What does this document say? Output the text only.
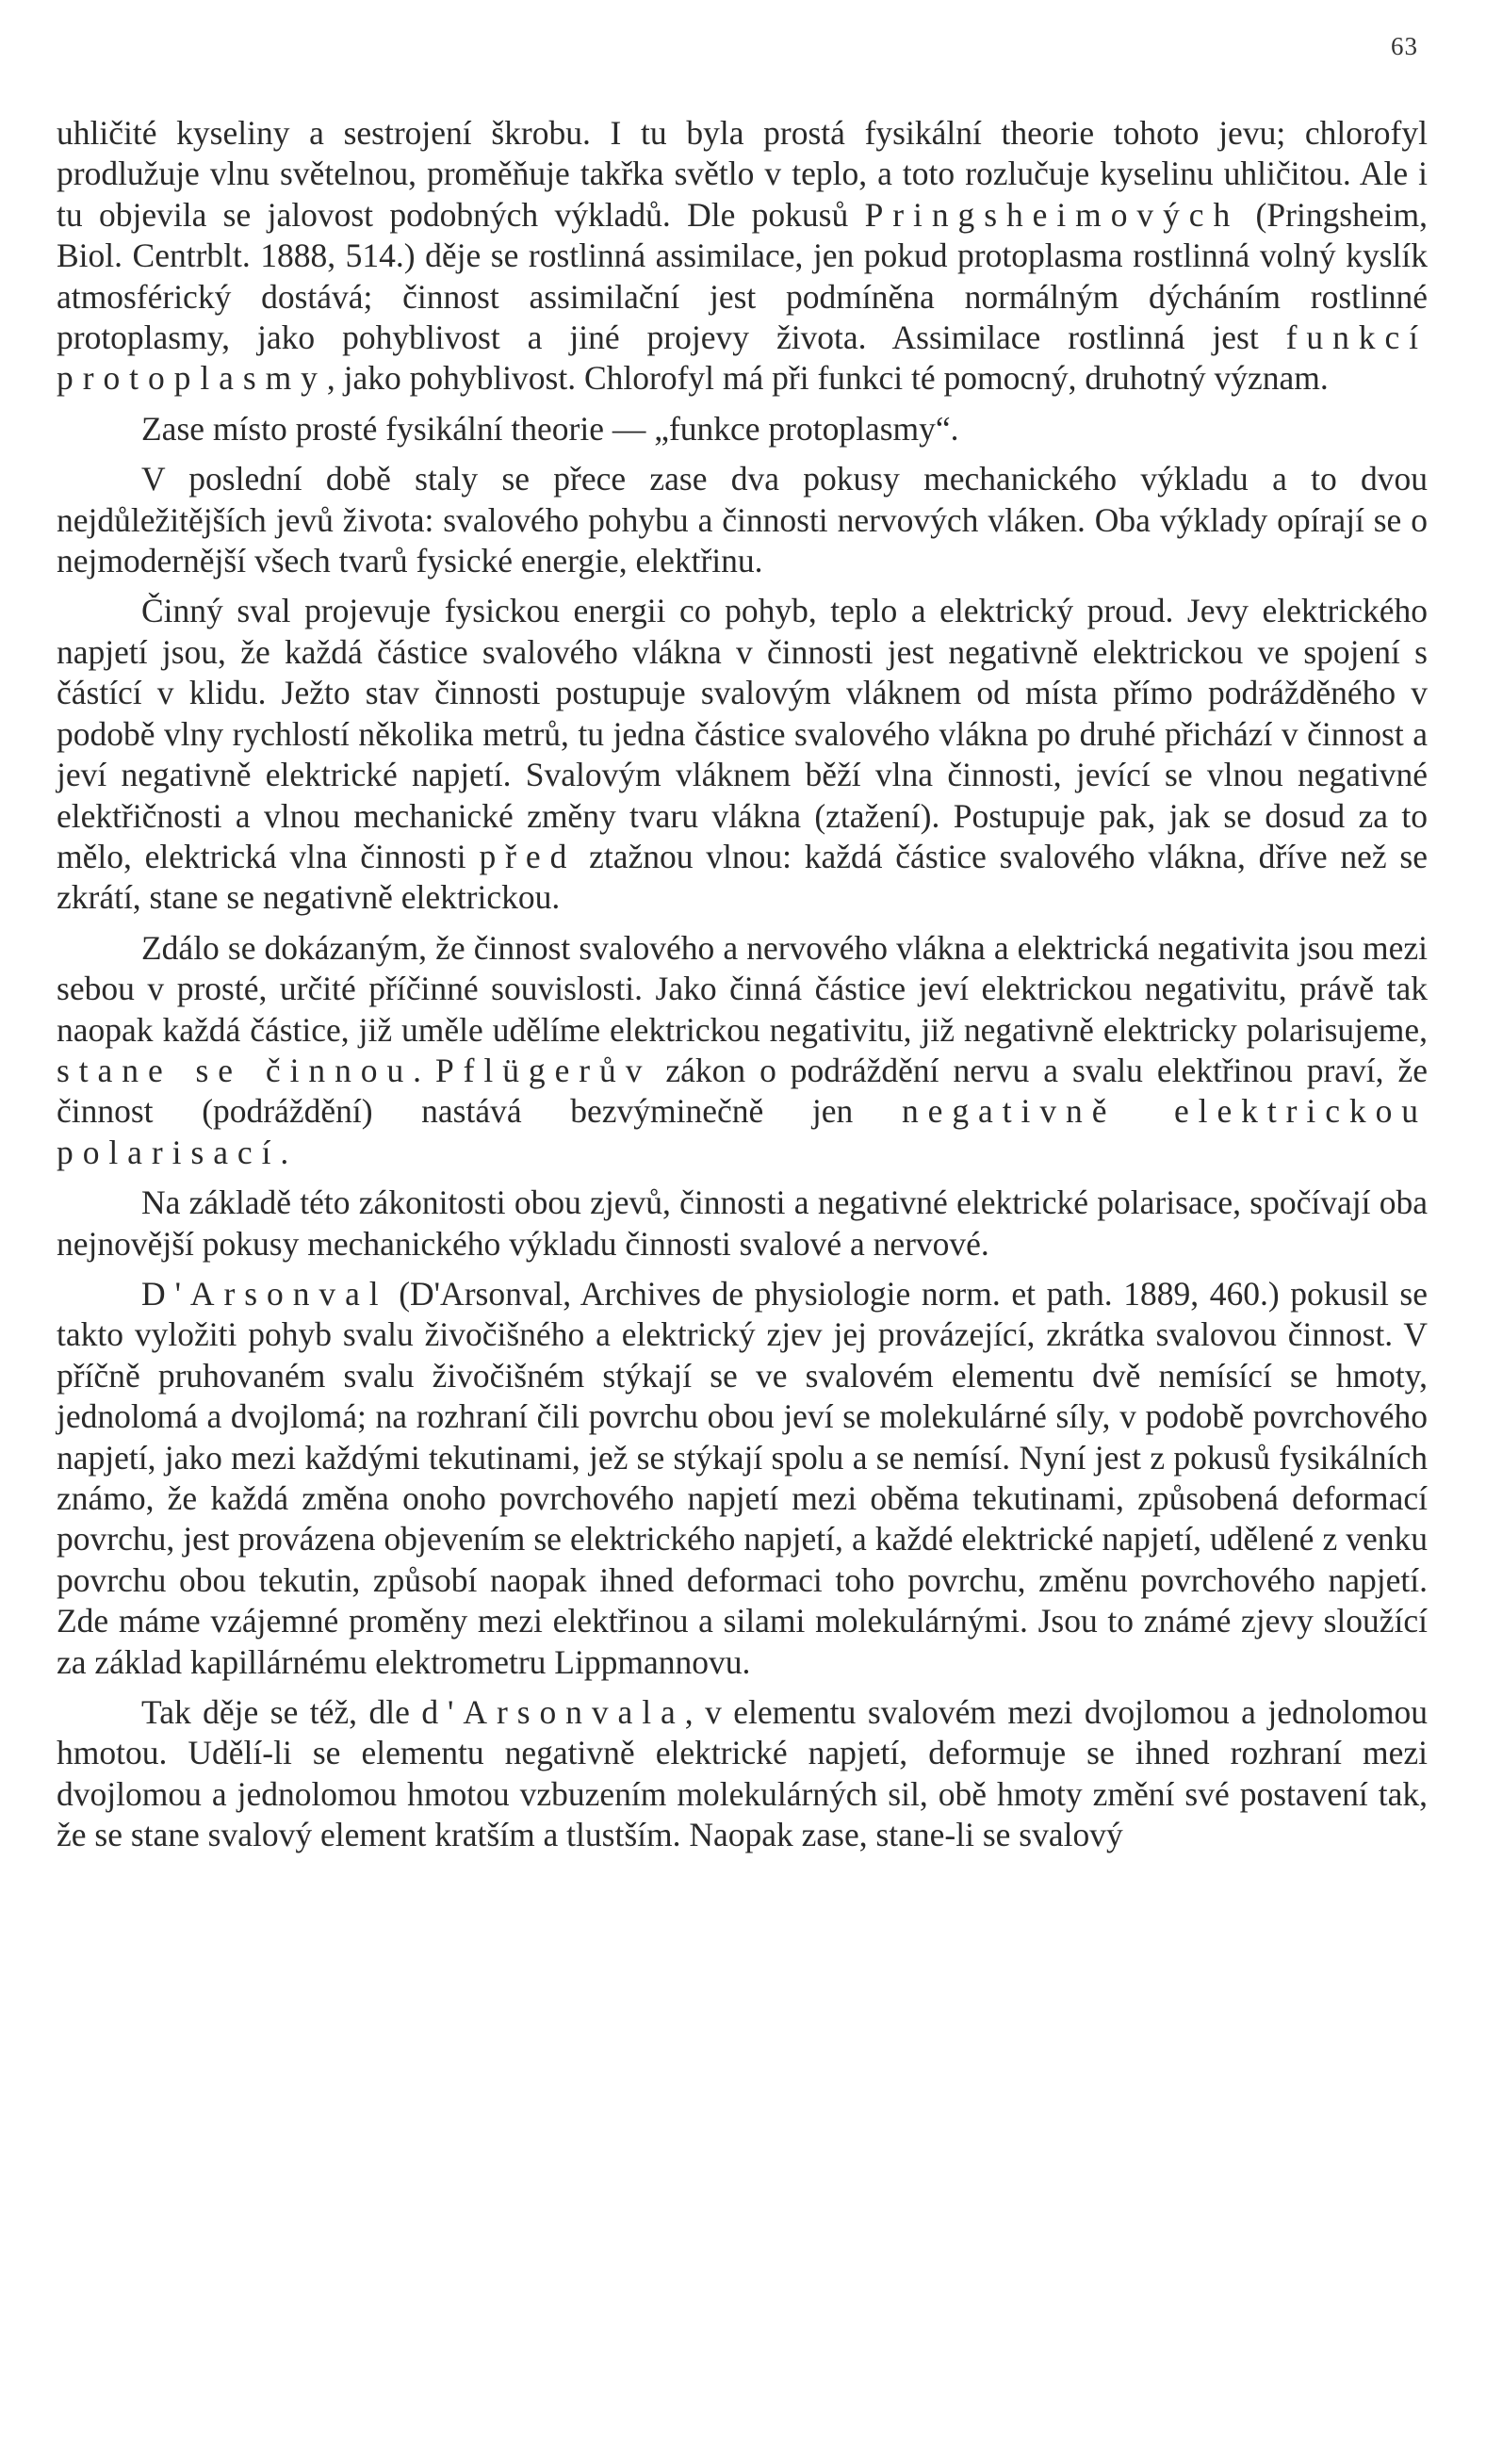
63

uhličité kyseliny a sestrojení škrobu. I tu byla prostá fysikální theorie tohoto jevu; chlorofyl prodlužuje vlnu světelnou, proměňuje takřka světlo v teplo, a toto rozlučuje kyselinu uhličitou. Ale i tu objevila se jalovost podobných výkladů. Dle pokusů Pringsheimových (Pringsheim, Biol. Centrblt. 1888, 514.) děje se rostlinná assimilace, jen pokud protoplasma rostlinná volný kyslík atmosférický dostává; činnost assimilační jest podmíněna normálným dýcháním rostlinné protoplasmy, jako pohyblivost a jiné projevy života. Assimilace rostlinná jest funkcí protoplasmy, jako pohyblivost. Chlorofyl má při funkci té pomocný, druhotný význam.

Zase místo prosté fysikální theorie — „funkce protoplasmy“.

V poslední době staly se přece zase dva pokusy mechanického výkladu a to dvou nejdůležitějších jevů života: svalového pohybu a činnosti nervových vláken. Oba výklady opírají se o nejmodernější všech tvarů fysické energie, elektřinu.

Činný sval projevuje fysickou energii co pohyb, teplo a elektrický proud. Jevy elektrického napjetí jsou, že každá částice svalového vlákna v činnosti jest negativně elektrickou ve spojení s částící v klidu. Ježto stav činnosti postupuje svalovým vláknem od místa přímo podrážděného v podobě vlny rychlostí několika metrů, tu jedna částice svalového vlákna po druhé přichází v činnost a jeví negativně elektrické napjetí. Svalovým vláknem běží vlna činnosti, jevící se vlnou negativné elektřičnosti a vlnou mechanické změny tvaru vlákna (ztažení). Postupuje pak, jak se dosud za to mělo, elektrická vlna činnosti před ztažnou vlnou: každá částice svalového vlákna, dříve než se zkrátí, stane se negativně elektrickou.

Zdálo se dokázaným, že činnost svalového a nervového vlákna a elektrická negativita jsou mezi sebou v prosté, určité příčinné souvislosti. Jako činná částice jeví elektrickou negativitu, právě tak naopak každá částice, již uměle udělíme elektrickou negativitu, již negativně elektricky polarisujeme, stane se činnou. Pflügerův zákon o podráždění nervu a svalu elektřinou praví, že činnost (podráždění) nastává bezvýminečně jen negativně elektrickou polarisací.

Na základě této zákonitosti obou zjevů, činnosti a negativné elektrické polarisace, spočívají oba nejnovější pokusy mechanického výkladu činnosti svalové a nervové.

D'Arsonval (D'Arsonval, Archives de physiologie norm. et path. 1889, 460.) pokusil se takto vyložiti pohyb svalu živočišného a elektrický zjev jej provázející, zkrátka svalovou činnost. V příčně pruhovaném svalu živočišném stýkají se ve svalovém elementu dvě nemísící se hmoty, jednolomá a dvojlomá; na rozhraní čili povrchu obou jeví se molekulárné síly, v podobě povrchového napjetí, jako mezi každými tekutinami, jež se stýkají spolu a se nemísí. Nyní jest z pokusů fysikálních známo, že každá změna onoho povrchového napjetí mezi oběma tekutinami, způsobená deformací povrchu, jest provázena objevením se elektrického napjetí, a každé elektrické napjetí, udělené z venku povrchu obou tekutin, způsobí naopak ihned deformaci toho povrchu, změnu povrchového napjetí. Zde máme vzájemné proměny mezi elektřinou a silami molekulárnými. Jsou to známé zjevy sloužící za základ kapillárnému elektrometru Lippmannovu.

Tak děje se též, dle d'Arsonvala, v elementu svalovém mezi dvojlomou a jednolomou hmotou. Udělí-li se elementu negativně elektrické napjetí, deformuje se ihned rozhraní mezi dvojlomou a jednolomou hmotou vzbuzením molekulárných sil, obě hmoty změní své postavení tak, že se stane svalový element kratším a tlustším. Naopak zase, stane-li se svalový
